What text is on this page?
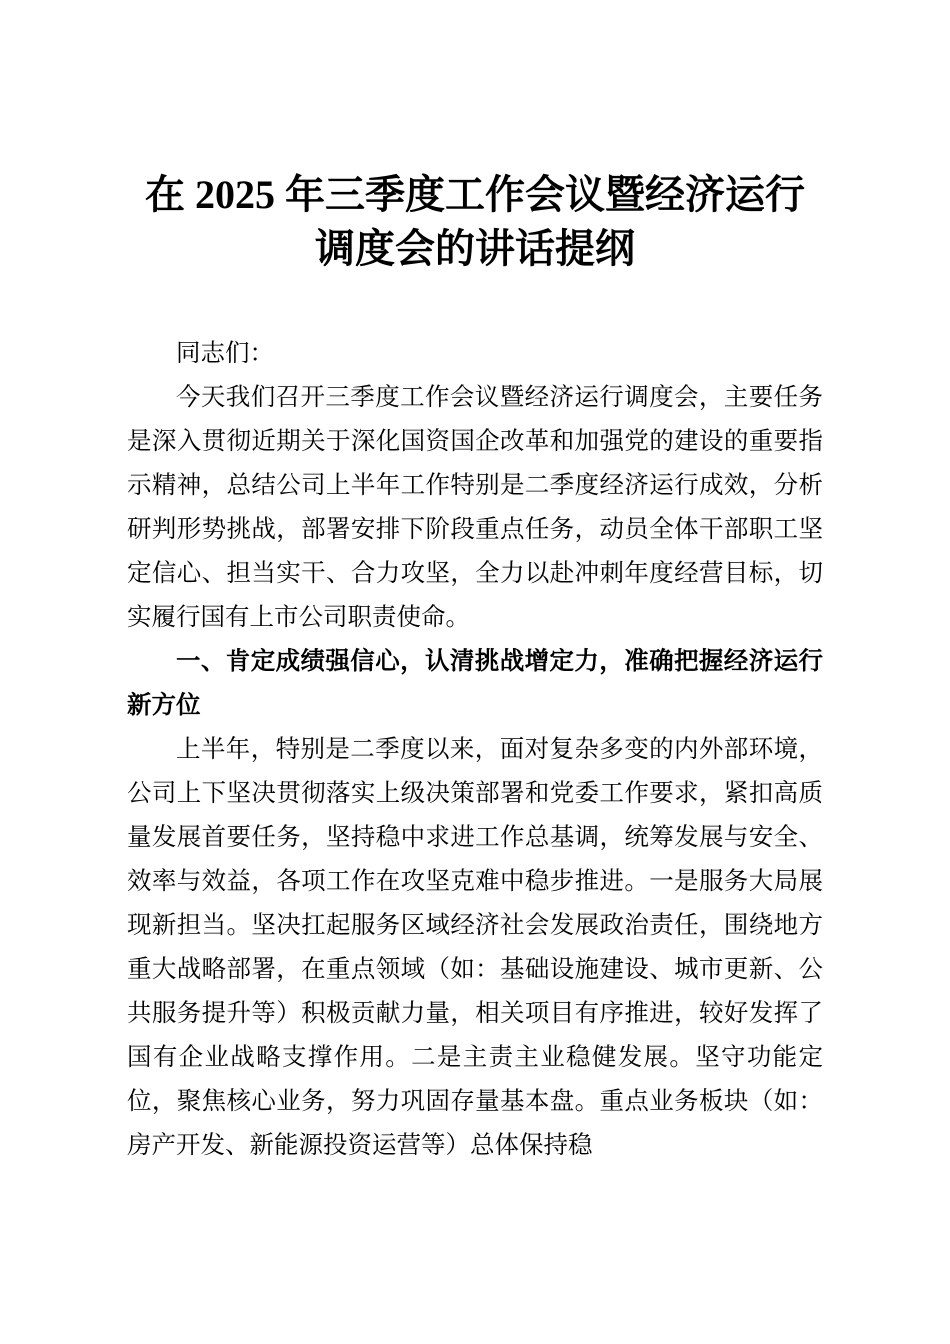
在 2025 年三季度工作会议暨经济运行
调度会的讲话提纲

同志们：

今天我们召开三季度工作会议暨经济运行调度会，主要任务是深入贯彻近期关于深化国资国企改革和加强党的建设的重要指示精神，总结公司上半年工作特别是二季度经济运行成效，分析研判形势挑战，部署安排下阶段重点任务，动员全体干部职工坚定信心、担当实干、合力攻坚，全力以赴冲刺年度经营目标，切实履行国有上市公司职责使命。

一、肯定成绩强信心，认清挑战增定力，准确把握经济运行新方位

上半年，特别是二季度以来，面对复杂多变的内外部环境，公司上下坚决贯彻落实上级决策部署和党委工作要求，紧扣高质量发展首要任务，坚持稳中求进工作总基调，统筹发展与安全、效率与效益，各项工作在攻坚克难中稳步推进。一是服务大局展现新担当。坚决扛起服务区域经济社会发展政治责任，围绕地方重大战略部署，在重点领域（如：基础设施建设、城市更新、公共服务提升等）积极贡献力量，相关项目有序推进，较好发挥了国有企业战略支撑作用。二是主责主业稳健发展。坚守功能定位，聚焦核心业务，努力巩固存量基本盘。重点业务板块（如：房产开发、新能源投资运营等）总体保持稳
